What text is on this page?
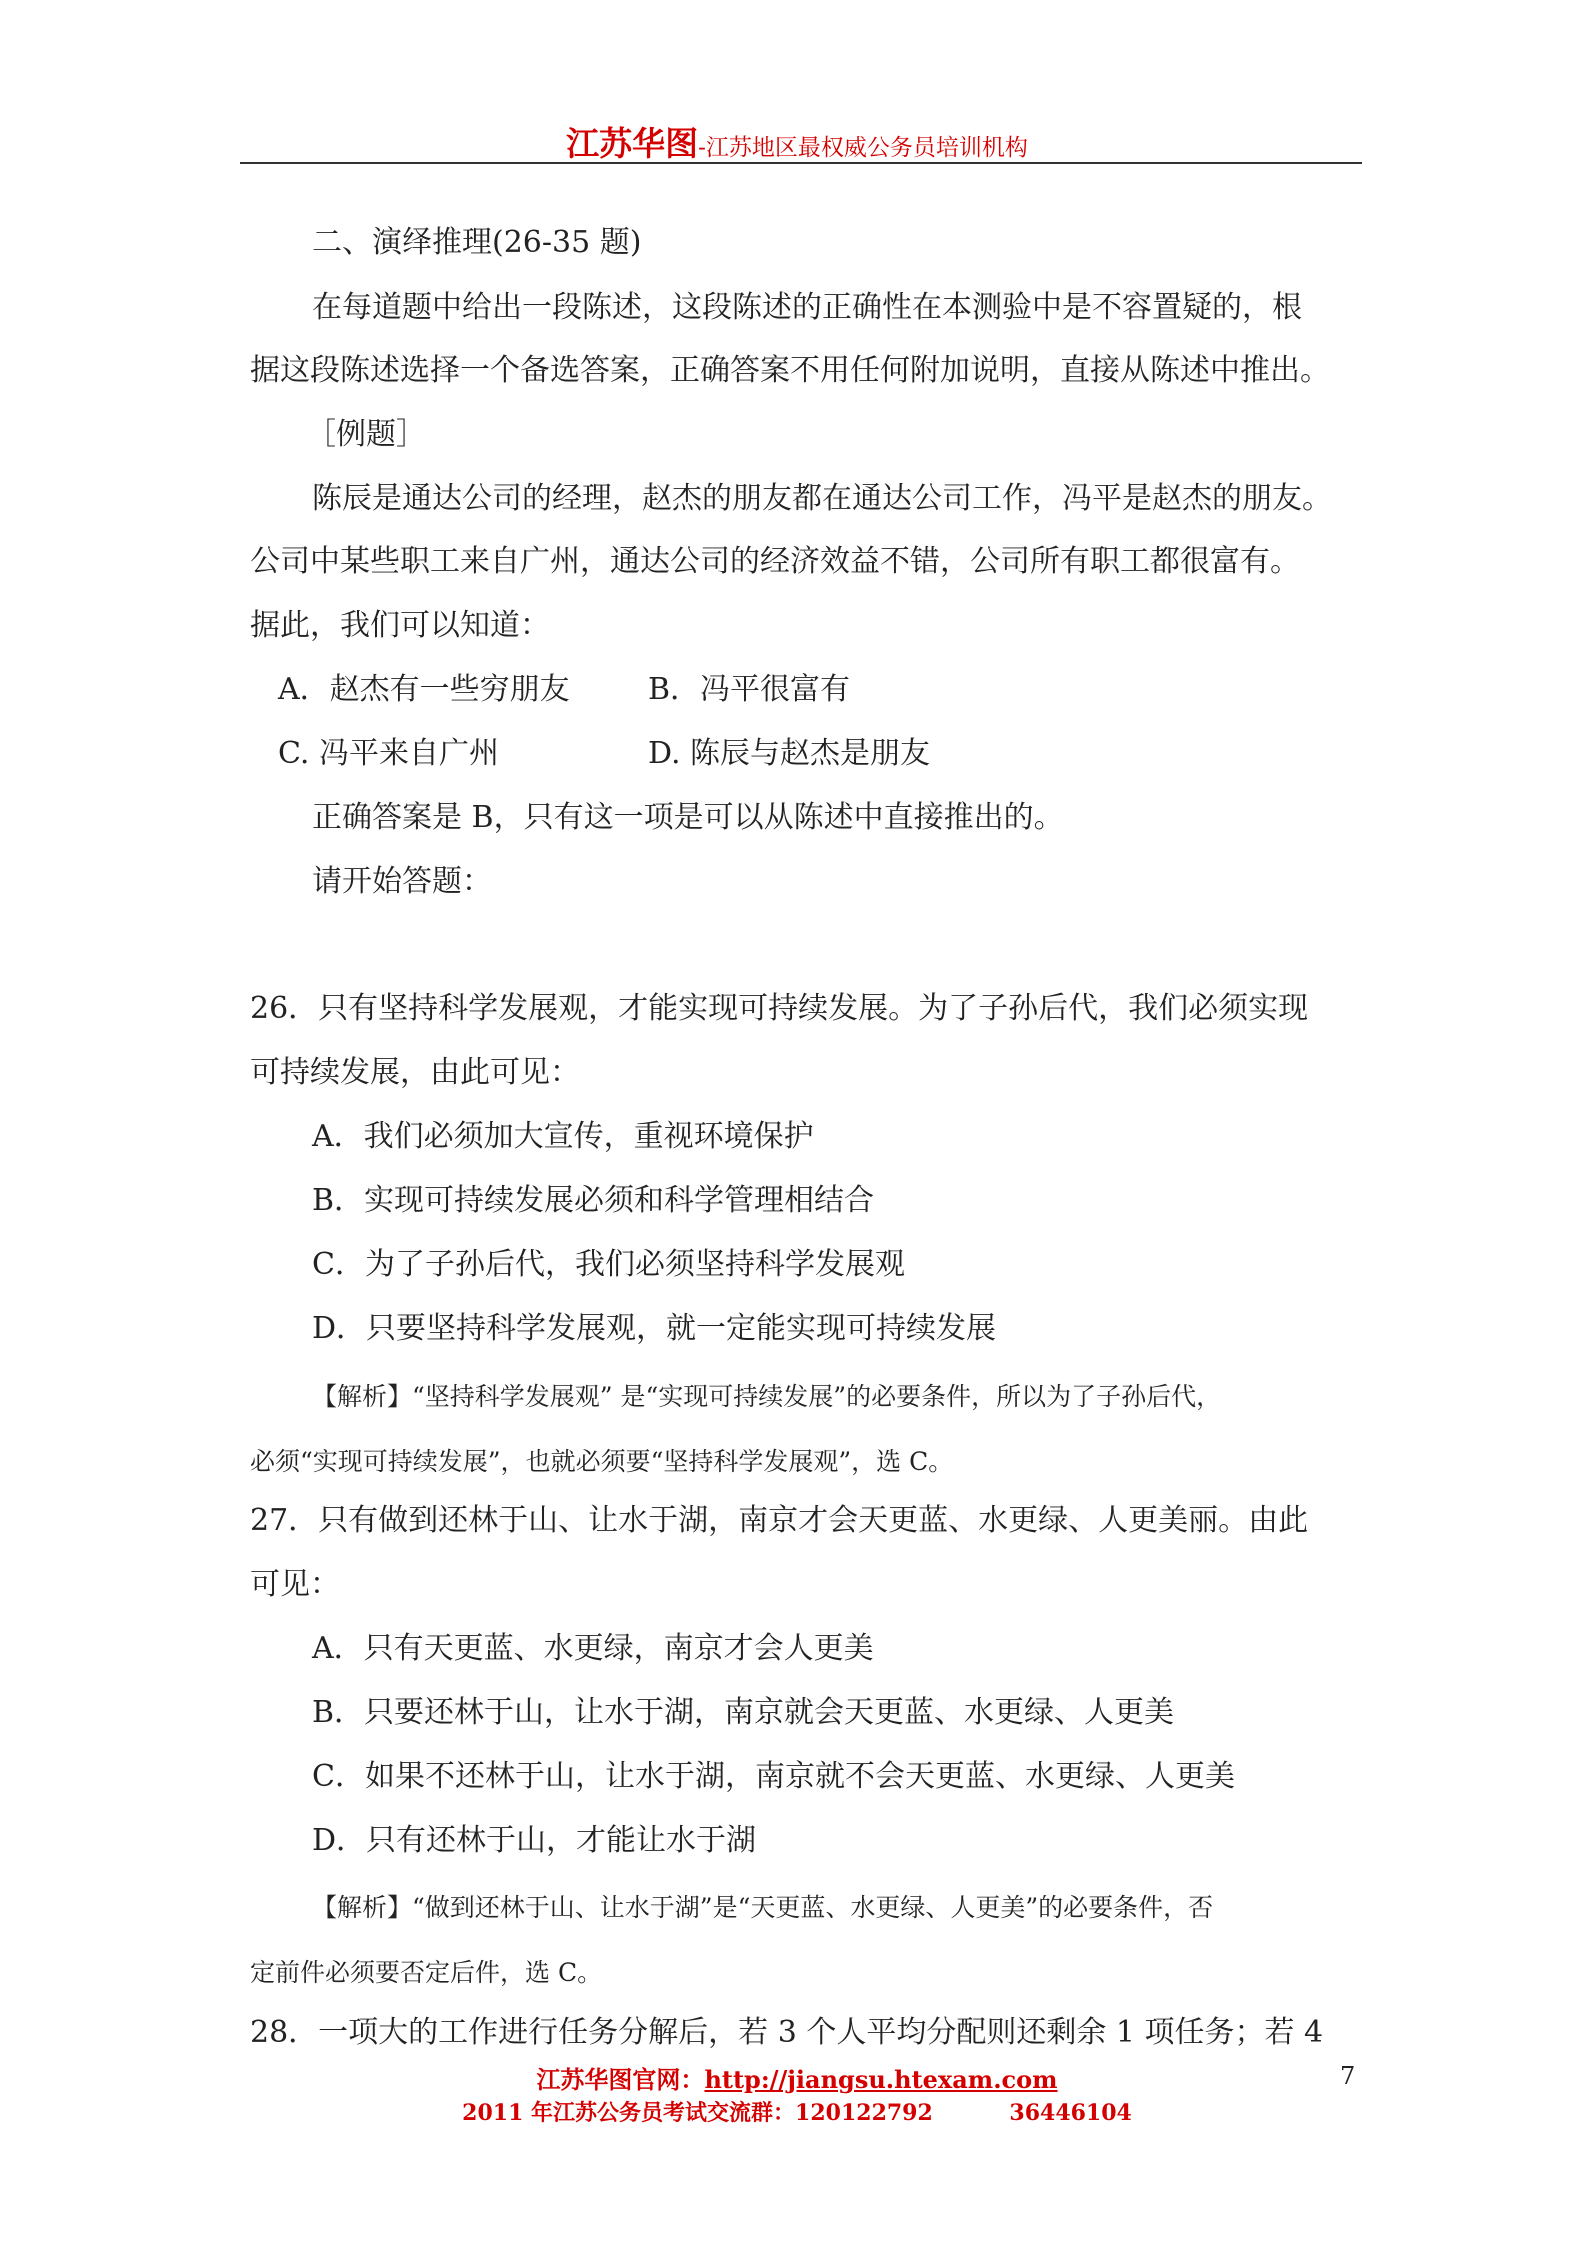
江苏华图-江苏地区最权威公务员培训机构
二、演绎推理(26-35 题)
在每道题中给出一段陈述，这段陈述的正确性在本测验中是不容置疑的，根
据这段陈述选择一个备选答案，正确答案不用任何附加说明，直接从陈述中推出。
［例题］
陈辰是通达公司的经理，赵杰的朋友都在通达公司工作，冯平是赵杰的朋友。
公司中某些职工来自广州，通达公司的经济效益不错，公司所有职工都很富有。
据此，我们可以知道：
A．赵杰有一些穷朋友	B．冯平很富有
C. 冯平来自广州	D. 陈辰与赵杰是朋友
正确答案是 B，只有这一项是可以从陈述中直接推出的。
请开始答题：
26．只有坚持科学发展观，才能实现可持续发展。为了子孙后代，我们必须实现
可持续发展，由此可见：
A．我们必须加大宣传，重视环境保护
B．实现可持续发展必须和科学管理相结合
C．为了子孙后代，我们必须坚持科学发展观
D．只要坚持科学发展观，就一定能实现可持续发展
【解析】“坚持科学发展观” 是“实现可持续发展”的必要条件，所以为了子孙后代，
必须“实现可持续发展”，也就必须要“坚持科学发展观”，选 C。
27．只有做到还林于山、让水于湖，南京才会天更蓝、水更绿、人更美丽。由此
可见：
A．只有天更蓝、水更绿，南京才会人更美
B．只要还林于山，让水于湖，南京就会天更蓝、水更绿、人更美
C．如果不还林于山，让水于湖，南京就不会天更蓝、水更绿、人更美
D．只有还林于山，才能让水于湖
【解析】“做到还林于山、让水于湖”是“天更蓝、水更绿、人更美”的必要条件，否
定前件必须要否定后件，选 C。
28．一项大的工作进行任务分解后，若 3 个人平均分配则还剩余 1 项任务；若 4
江苏华图官网：http://jiangsu.htexam.com	7
2011 年江苏公务员考试交流群：120122792          36446104
